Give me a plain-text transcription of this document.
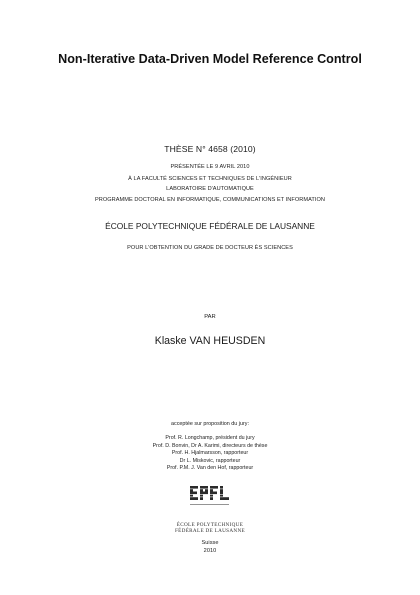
Non-Iterative Data-Driven Model Reference Control
THÈSE N° 4658 (2010)
PRÉSENTÉE LE 9 AVRIL 2010
À LA FACULTÉ SCIENCES ET TECHNIQUES DE L'INGÉNIEUR
LABORATOIRE D'AUTOMATIQUE
PROGRAMME DOCTORAL EN INFORMATIQUE, COMMUNICATIONS ET INFORMATION
ÉCOLE POLYTECHNIQUE FÉDÉRALE DE LAUSANNE
POUR L'OBTENTION DU GRADE DE DOCTEUR ÈS SCIENCES
PAR
Klaske VAN HEUSDEN
acceptée sur proposition du jury:
Prof. R. Longchamp, président du jury
Prof. D. Bonvin, Dr A. Karimi, directeurs de thèse
Prof. H. Hjalmarsson, rapporteur
Dr L. Miskovic, rapporteur
Prof. P.M. J. Van den Hof, rapporteur
ÉCOLE POLYTECHNIQUE
FÉDÉRALE DE LAUSANNE
Suisse
2010
